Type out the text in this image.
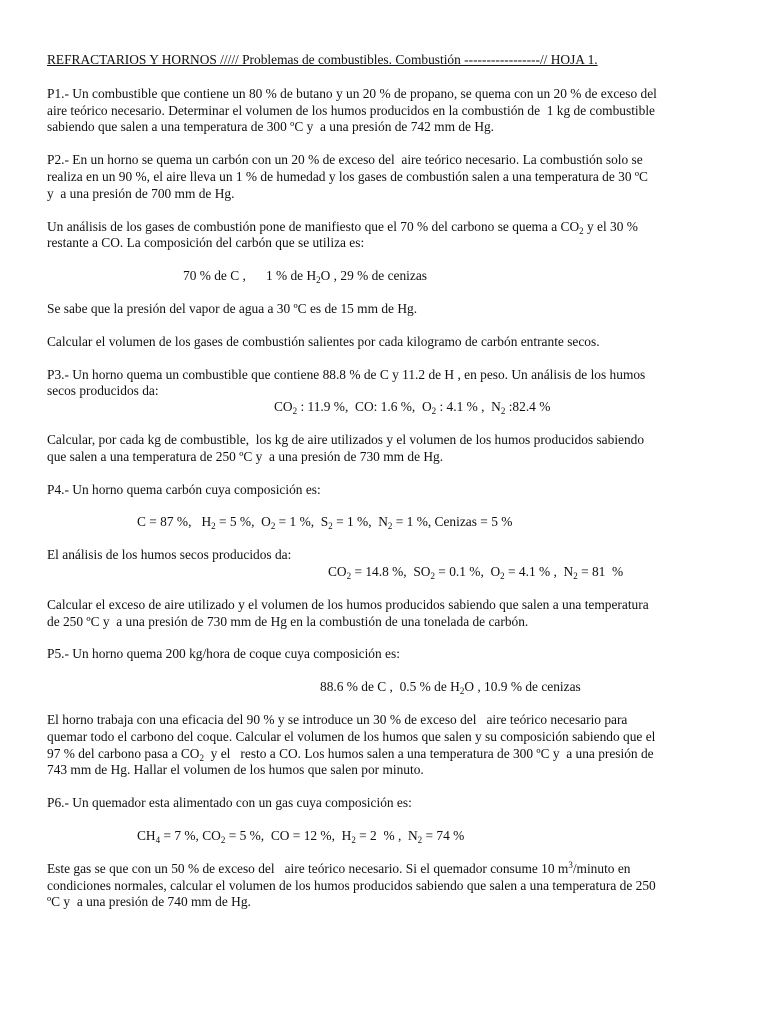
REFRACTARIOS Y HORNOS ///// Problemas de combustibles. Combustión -----------------// HOJA 1.
P1.- Un combustible que contiene un 80 % de butano y un 20 % de propano, se quema con un 20 % de exceso del
aire teórico necesario. Determinar el volumen de los humos producidos en la combustión de  1 kg de combustible
sabiendo que salen a una temperatura de 300 ºC y  a una presión de 742 mm de Hg.
P2.- En un horno se quema un carbón con un 20 % de exceso del  aire teórico necesario. La combustión solo se
realiza en un 90 %, el aire lleva un 1 % de humedad y los gases de combustión salen a una temperatura de 30 ºC
y  a una presión de 700 mm de Hg.
Un análisis de los gases de combustión pone de manifiesto que el 70 % del carbono se quema a $CO_2$ y el 30 %
restante a CO. La composición del carbón que se utiliza es:
70 % de C ,      1 % de $H_2O$ , 29 % de cenizas
Se sabe que la presión del vapor de agua a 30 ºC es de 15 mm de Hg.
Calcular el volumen de los gases de combustión salientes por cada kilogramo de carbón entrante secos.
P3.- Un horno quema un combustible que contiene 88.8 % de C y 11.2 de H , en peso. Un análisis de los humos
secos producidos da:
$CO_2$ : 11.9 %,  CO: 1.6 %,  $O_2$ : 4.1 % ,  $N_2$ :82.4 %
Calcular, por cada kg de combustible,  los kg de aire utilizados y el volumen de los humos producidos sabiendo
que salen a una temperatura de 250 ºC y  a una presión de 730 mm de Hg.
P4.- Un horno quema carbón cuya composición es:
C = 87 %,   $H_2 = 5$ %,  $O_2 = 1$ %,  $S_2 = 1$ %,  $N_2 = 1$ %, Cenizas = 5 %
El análisis de los humos secos producidos da:
$CO_2 = 14.8$ %,  $SO_2 = 0.1$ %,  $O_2 = 4.1$ % ,  $N_2 = 81$  %
Calcular el exceso de aire utilizado y el volumen de los humos producidos sabiendo que salen a una temperatura
de 250 ºC y  a una presión de 730 mm de Hg en la combustión de una tonelada de carbón.
P5.- Un horno quema 200 kg/hora de coque cuya composición es:
88.6 % de C ,  0.5 % de $H_2O$ , 10.9 % de cenizas
El horno trabaja con una eficacia del 90 % y se introduce un 30 % de exceso del   aire teórico necesario para
quemar todo el carbono del coque. Calcular el volumen de los humos que salen y su composición sabiendo que el
97 % del carbono pasa a $CO_2$  y el   resto a CO. Los humos salen a una temperatura de 300 ºC y  a una presión de
743 mm de Hg. Hallar el volumen de los humos que salen por minuto.
P6.- Un quemador esta alimentado con un gas cuya composición es:
$CH_4 = 7$ %, $CO_2 = 5$ %,  CO = 12 %,  $H_2 = 2$  % ,  $N_2 = 74$ %
Este gas se que con un 50 % de exceso del   aire teórico necesario. Si el quemador consume 10 $m^3$/minuto en
condiciones normales, calcular el volumen de los humos producidos sabiendo que salen a una temperatura de 250
ºC y  a una presión de 740 mm de Hg.
